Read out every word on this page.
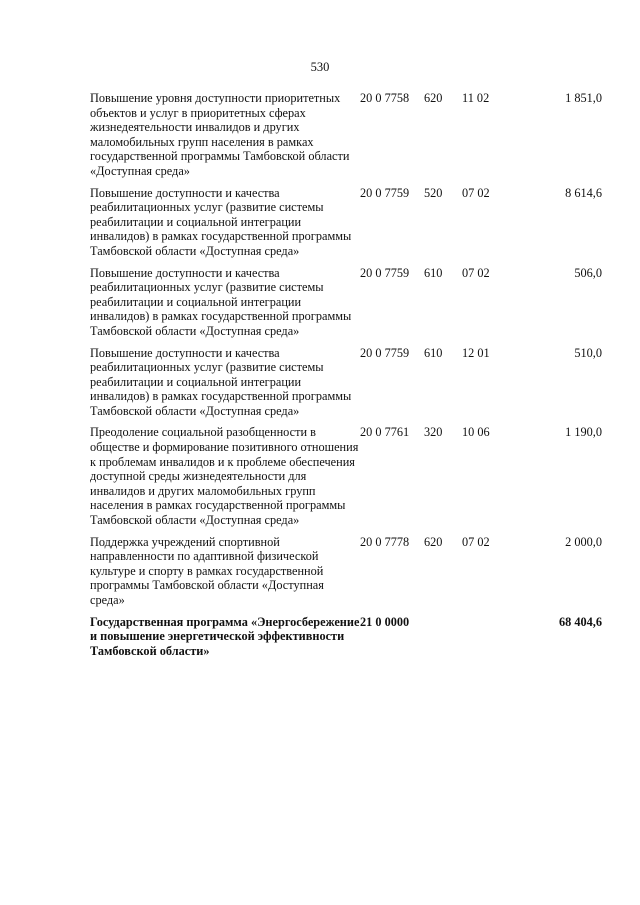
530
Повышение уровня доступности приоритетных объектов и услуг в приоритетных сферах жизнедеятельности инвалидов и других маломобильных групп населения в рамках государственной программы Тамбовской области «Доступная среда»	20 0 7758	620	11 02	1 851,0
Повышение доступности и качества реабилитационных услуг (развитие системы реабилитации и социальной интеграции инвалидов) в рамках государственной программы Тамбовской области «Доступная среда»	20 0 7759	520	07 02	8 614,6
Повышение доступности и качества реабилитационных услуг (развитие системы реабилитации и социальной интеграции инвалидов) в рамках государственной программы Тамбовской области «Доступная среда»	20 0 7759	610	07 02	506,0
Повышение доступности и качества реабилитационных услуг (развитие системы реабилитации и социальной интеграции инвалидов) в рамках государственной программы Тамбовской области «Доступная среда»	20 0 7759	610	12 01	510,0
Преодоление социальной разобщенности в обществе и формирование позитивного отношения к проблемам инвалидов и к проблеме обеспечения доступной среды жизнедеятельности для инвалидов и других маломобильных групп населения в рамках государственной программы Тамбовской области «Доступная среда»	20 0 7761	320	10 06	1 190,0
Поддержка учреждений спортивной направленности по адаптивной физической культуре и спорту в рамках государственной программы Тамбовской области «Доступная среда»	20 0 7778	620	07 02	2 000,0
Государственная программа «Энергосбережение и повышение энергетической эффективности Тамбовской области»	21 0 0000			68 404,6
